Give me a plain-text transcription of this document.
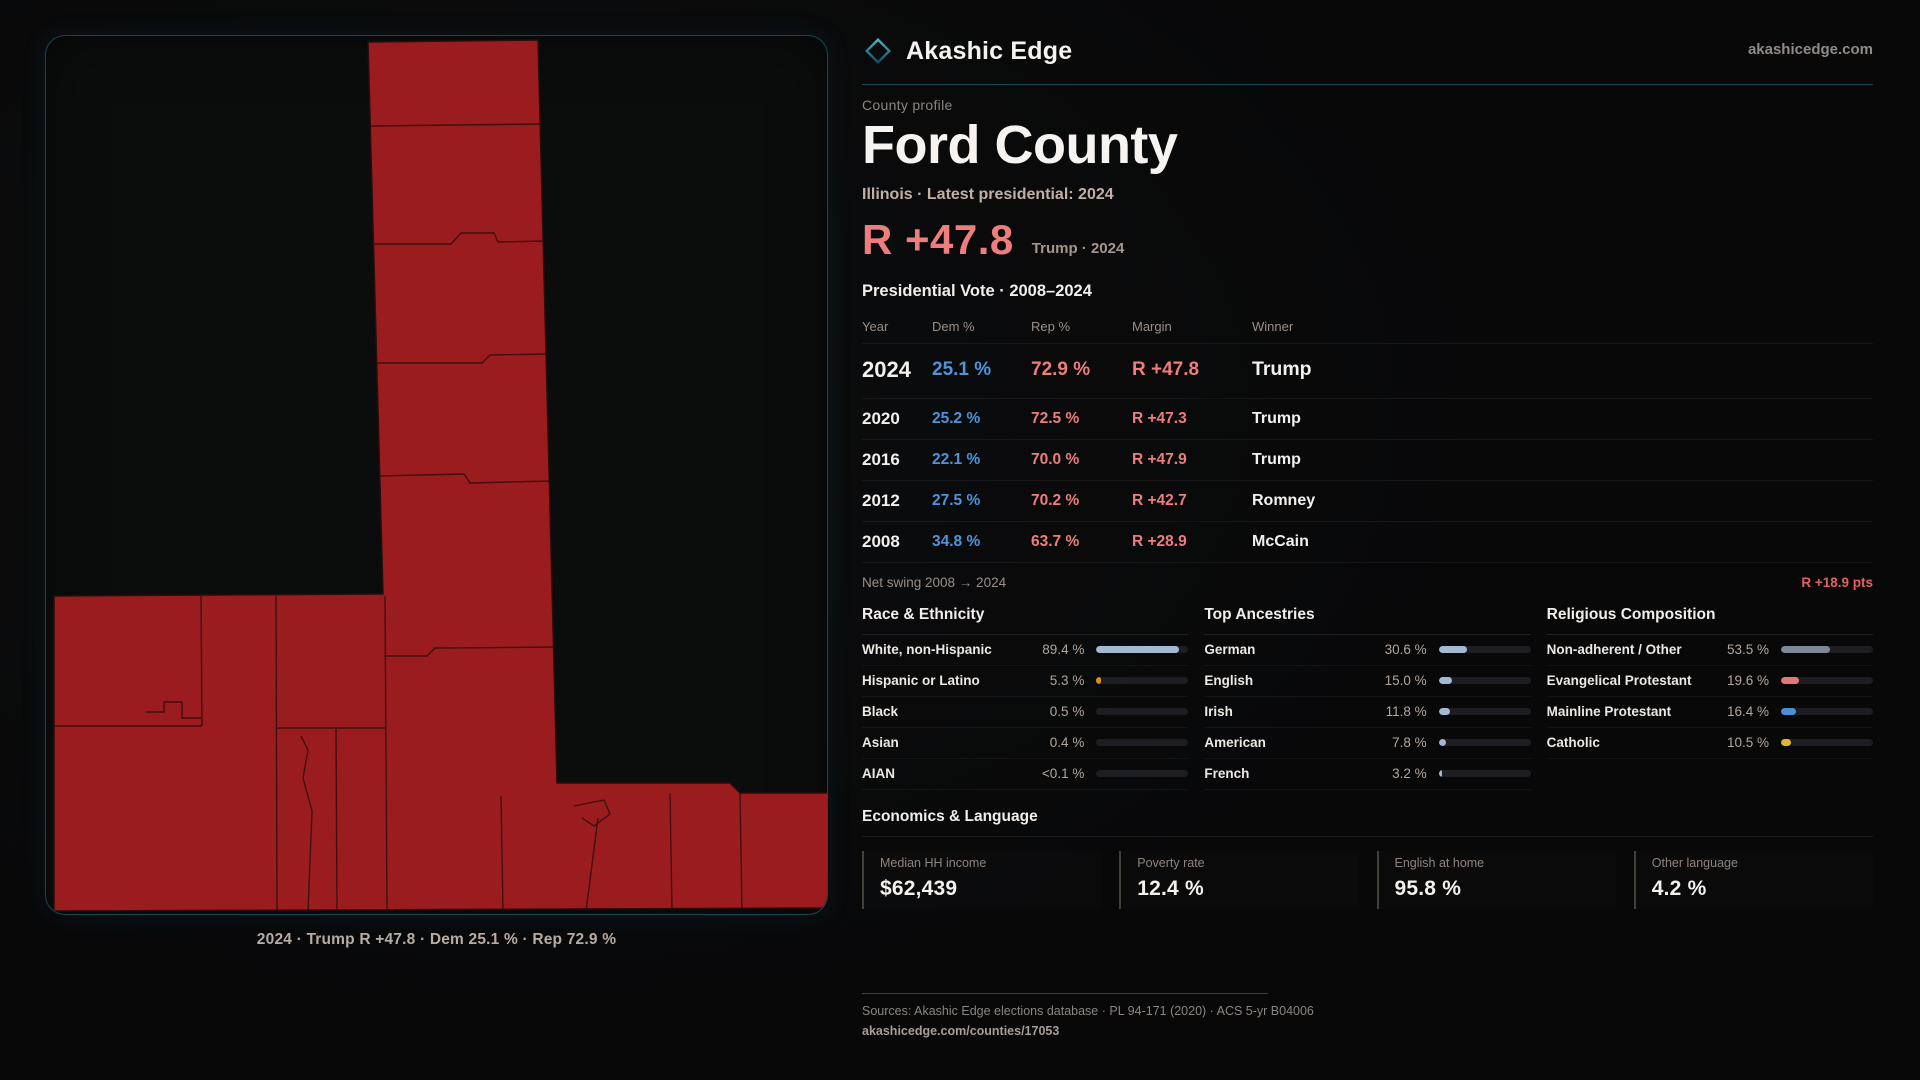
2024 · Trump R +47.8 · Dem 25.1 % · Rep 72.9 %
Akashic Edge	akashicedge.com
County profile
Ford County
Illinois · Latest presidential: 2024
R +47.8 Trump · 2024
Presidential Vote · 2008–2024
Year	Dem %	Rep %	Margin	Winner
2024	25.1 %	72.9 %	R +47.8	Trump
2020	25.2 %	72.5 %	R +47.3	Trump
2016	22.1 %	70.0 %	R +47.9	Trump
2012	27.5 %	70.2 %	R +42.7	Romney
2008	34.8 %	63.7 %	R +28.9	McCain
Net swing 2008 → 2024	R +18.9 pts
Race & Ethnicity
White, non-Hispanic	89.4 %
Hispanic or Latino	5.3 %
Black	0.5 %
Asian	0.4 %
AIAN	<0.1 %
Top Ancestries
German	30.6 %
English	15.0 %
Irish	11.8 %
American	7.8 %
French	3.2 %
Religious Composition
Non-adherent / Other	53.5 %
Evangelical Protestant	19.6 %
Mainline Protestant	16.4 %
Catholic	10.5 %
Economics & Language
Median HH income
$62,439
Poverty rate
12.4 %
English at home
95.8 %
Other language
4.2 %
Sources: Akashic Edge elections database · PL 94-171 (2020) · ACS 5-yr B04006
akashicedge.com/counties/17053
